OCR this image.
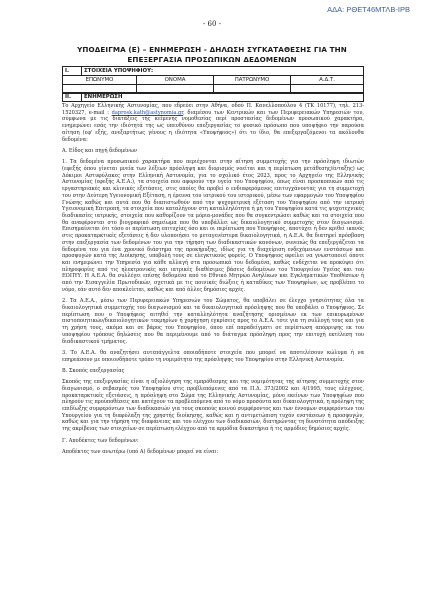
ΑΔΑ: ΡΘΕΤ46ΜΤΛΒ-ΙΡΒ
- 60 -
ΥΠΟΔΕΙΓΜΑ (Ε) – ΕΝΗΜΕΡΩΣΗ - ΔΗΛΩΣΗ ΣΥΓΚΑΤΑΘΕΣΗΣ ΓΙΑ ΤΗΝ
ΕΠΕΞΕΡΓΑΣΙΑ ΠΡΟΣΩΠΙΚΩΝ ΔΕΔΟΜΕΝΩΝ
I.	ΣΤΟΙΧΕΙΑ ΥΠΟΨΗΦΙΟΥ:			
ΕΠΩΝΥΜΟ		ΟΝΟΜΑ	ΠΑΤΡΩΝΥΜΟ	Α.Δ.Τ.

II.	ΕΝΗΜΕΡΩΣΗ

Το Αρχηγείο Ελληνικής Αστυνομίας, που εδρεύει στην Αθήνα, οδού Π. Κανελλοπούλου 4 (ΤΚ 10177), τηλ. 213-1520327, e-mail : daprosk.kath@astynomia.gr, διαμέσου των Κεντρικών και των Περιφερειακών Υπηρεσιών του, σύμφωνα με τις διατάξεις της κείμενης νομοθεσίας περί προστασίας δεδομένων προσωπικού χαρακτήρα, ενημερώνει εσάς την ιδιότητά της ως υπευθύνου επεξεργασίας το φυσικό πρόσωπο που υποψήφιο την παρούσα αίτηση (εφ' εξής, ανεξαρτήτως γένους η ιδιότητα «Υποψήφιος») ότι το ίδιο, θα επεξεργαζόμενοι τα ακόλουθα δεδομένα:

Α. Είδος και πηγή δεδομένων

1. Τα δεδομένα προσωπικού χαρακτήρα που περιέχονται στην αίτηση συμμετοχής για την πρόσληψη ιδιωτών (εφεξής όπου γίνεται μνεία των λέξεων πρόσληψη και διορισμός νοείται και η περίπτωση μετάθεσης/ένταξης) ως Δόκιμοι Αστυφύλακες στην Ελληνική Αστυνομία, για το σχολικό έτος 2023, προς το Αρχηγείο της Ελληνικής Αστυνομίας (εφεξής Α.Ε.Α.), τα στοιχεία που αφορούν την υγεία του Υποψηφίου, όπως είναι προσκοπικών από τις εργαστηριακές και κλινικές εξετάσεις, στις οποίες θα προβεί ο ενδιαφερόμενος επιτυγχάνοντας για τη συμμετοχή του στην Δεύτερη Υγειονομική Εξέταση, η έρευνα του ιατρικού του ιστορικού, μέσω των εφαρμογών του Υποψηφίου Γνώσης καθώς και αυτά που θα διαπιστωθούν από την ψυχομετρική εξέταση του Υποψηφίου από την ιατρική Υγειονομική Επιτροπή, τα στοιχεία που καταλήγουν στη καταλληλότητα ή μη του Υποψηφίου κατά τις ψυχοτεχνικές διαδικασίες ιατρικής, στοιχεία που καθορίζουν τα μόρια-μονάδες που θα συγκεντρώσει καθώς και τα στοιχεία που θα αναφέρονται στο βιογραφικό σημείωμα που θα υποβάλλει ως δικαιολογητικό συμμετοχής στον διαγωνισμό. Επισημαίνεται ότι τόσο οι περίπτωση επιτυχίας όσο και οι περίπτωση που Υποψήφιος, αποτύχει ή δεν κριθεί ικανός στις προκαταρκτικές εξετάσεις ή δεν υλοποιήσει το μεταγενέστερα δικαιολογητικά, η Α.Ε.Α. θα διατηρεί πρόσβαση στην επεξεργασία των δεδομένων του για την τήρηση των διαδικαστικών κανόνων, συνεπώς θα επεξεργάζεται τα δεδομένα του για ένα χρονικό διάστημα της προκήρυξης, ιδίως για τη διαχείριση ενδεχόμενων ενστάσεων και προσφυγών κατά της Διοίκησης, υποβολή τους σε ελεγκτικούς φορείς. Ο Υποψήφιος οφείλει να γνωστοποιεί όποτε και ενημερώνει την Υπηρεσία για κάθε αλλαγή στα προσωπικά του δεδομένα, καθώς ενδέχεται να προκύψει ότι πληροφορίες από τις ηλεκτρονικές και ιατρικές διαθέσιμες βάσεις δεδομένων του Υπουργείου Υγείας και του ΕΟΠΥΥ. Η Α.Ε.Α. θα συλλέγει επίσης δεδομένα από το Εθνικό Μητρώο Ανηλίκων και Εγκληματικών Υποθέσεων ή από την Εισαγγελία Πρωτοδικών, σχετικά με τις ποινικές διώξεις ή καταδίκες των Υποψηφίων, ως προβλέπει το νόμο, εάν αυτό δεν αποκλείεται, καθώς και από άλλες δημόσιες αρχές.

2. Τα Α.Ε.Α., μέσω των Περιφερειακών Υπηρεσιών του Σώματος, θα υποβάλει σε έλεγχο γνησιότητας όλα τα δικαιολογητικά συμμετοχής του διαγωνισμού και τα δικαιολογητικά πρόσληψης που θα υποβάλει ο Υποψήφιος. Σε περίπτωση που ο Υποψήφιος αιτηθεί την καταλληλότητα αναζήτησης ορισμένων εκ των επικυρωμένων πιστοποιητικών/δικαιολογητικών τεκμηρίων ή χορήγηση εγκρίσεις προς το Α.Ε.Α. τότε για τη συλλογή τους και για τη χρήση τους, ακόμα και σε βάρος του Υποψηφίου, όπου επί παραδείγματι σε περίπτωση απόρριψης εκ του υποψηφίου τρόπους δηλώσεις που θα περιμένουμε από το διάταγμα πρόσληψη προς την επιτυχή εκτέλεση του διαδικαστικού τμήματος.

3. Το Α.Ε.Α. θα αναζητήσει αυτεπάγγελτα οποιαδήποτε στοιχεία που μπορεί να αποτελέσουν κώλυμα ή να επηρεάσουν με οποιονδήποτε τρόπο τη νομιμότητα της πρόσληψης του Υποψηφίου στην Ελληνική Αστυνομία.

Β. Σκοπός επεξεργασίας

Σκοπός της επεξεργασίας είναι η αξιολόγηση της εμπρόθεσμης και της νομιμότητας της αίτησης συμμετοχής στον διαγωνισμό, ο σεβασμός του Υποψηφίου στις προβλεπόμενες από τα Π.Δ. 373/2002 και 4/1995, τους ελέγχους, προκαταρκτικές εξετάσεις, η πρόσληψη στο Σώμα της Ελληνικής Αστυνομίας, μόνο εκείνων των Υποψηφίων που πληρούν τις προϋποθέσεις και κατέχουν τα προβλεπόμενα από το νόμο προσόντα και δικαιολογητικά, η πρόληψη της επιδίωξης συμφερόντων των διαδικασιών για τους σκοπούς κοινού συμφέροντος και των έννομων συμφερόντων του Υπουργείου για τη διαφύλαξη της χρηστής διοίκησης, καθώς και η αντιμετώπιση τυχόν ενστάσεων ή προσφυγών, καθώς και για την τήρηση της διαφάνειας και του ελέγχου των διαδικασιών, διατηρώντας τη δυνατότητα απόδειξης της ακρίβειας των στοιχείων σε περίπτωση ελέγχου από τα αρμόδια δικαστήρια ή τις αρμόδιες δημόσιες αρχές.

Γ. Αποδέκτες των δεδομένων:

Αποδέκτες των ανωτέρω (υπό Α) δεδομένων μπορεί να είναι:
